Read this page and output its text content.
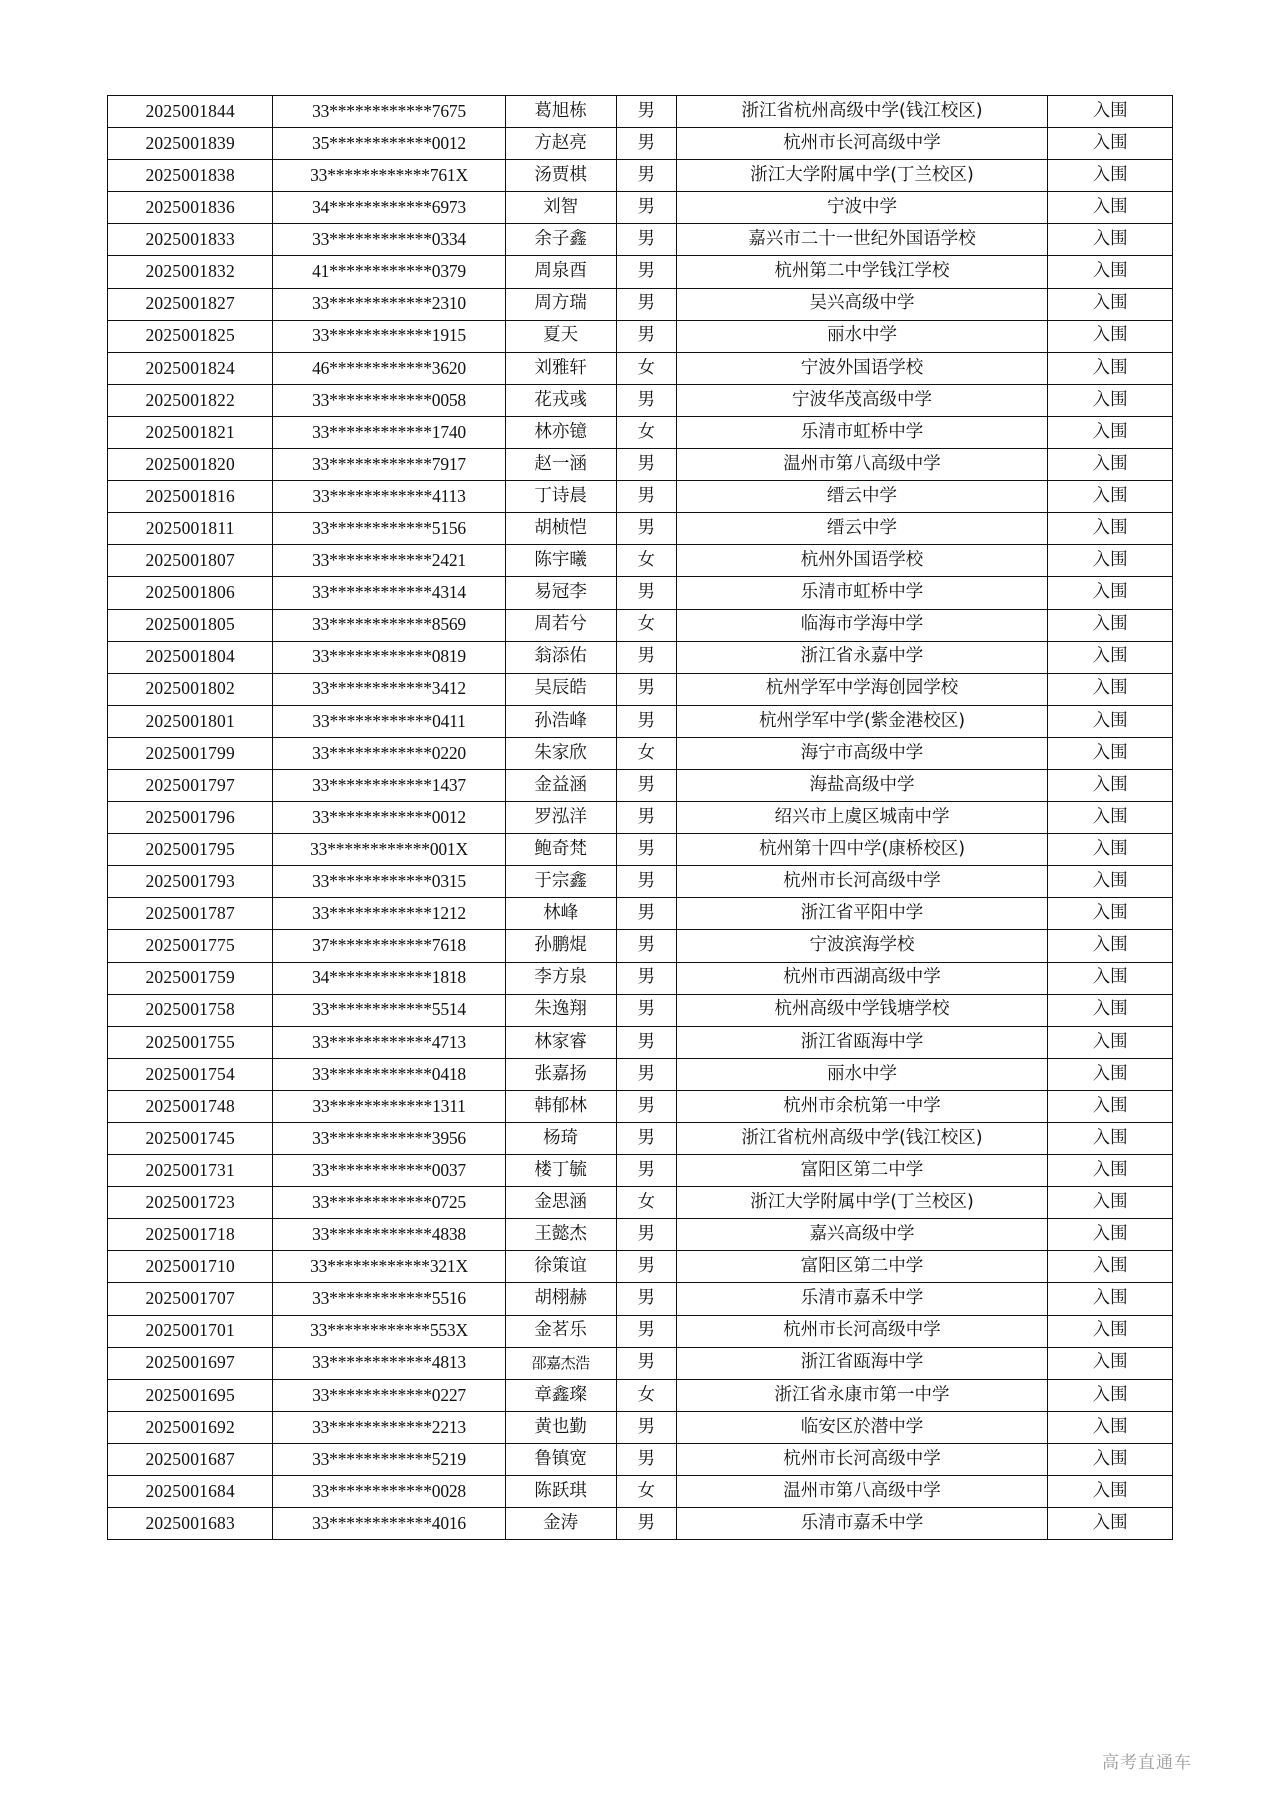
2025001844	33************7675	葛旭栋	男	浙江省杭州高级中学(钱江校区)	入围
2025001839	35************0012	方赵亮	男	杭州市长河高级中学	入围
2025001838	33************761X	汤贾棋	男	浙江大学附属中学(丁兰校区)	入围
2025001836	34************6973	刘智	男	宁波中学	入围
2025001833	33************0334	余子鑫	男	嘉兴市二十一世纪外国语学校	入围
2025001832	41************0379	周泉酉	男	杭州第二中学钱江学校	入围
2025001827	33************2310	周方瑞	男	吴兴高级中学	入围
2025001825	33************1915	夏天	男	丽水中学	入围
2025001824	46************3620	刘雅轩	女	宁波外国语学校	入围
2025001822	33************0058	花戎彧	男	宁波华茂高级中学	入围
2025001821	33************1740	林亦镱	女	乐清市虹桥中学	入围
2025001820	33************7917	赵一涵	男	温州市第八高级中学	入围
2025001816	33************4113	丁诗晨	男	缙云中学	入围
2025001811	33************5156	胡桢恺	男	缙云中学	入围
2025001807	33************2421	陈宇曦	女	杭州外国语学校	入围
2025001806	33************4314	易冠李	男	乐清市虹桥中学	入围
2025001805	33************8569	周若兮	女	临海市学海中学	入围
2025001804	33************0819	翁添佑	男	浙江省永嘉中学	入围
2025001802	33************3412	吴辰皓	男	杭州学军中学海创园学校	入围
2025001801	33************0411	孙浩峰	男	杭州学军中学(紫金港校区)	入围
2025001799	33************0220	朱家欣	女	海宁市高级中学	入围
2025001797	33************1437	金益涵	男	海盐高级中学	入围
2025001796	33************0012	罗泓洋	男	绍兴市上虞区城南中学	入围
2025001795	33************001X	鲍奇梵	男	杭州第十四中学(康桥校区)	入围
2025001793	33************0315	于宗鑫	男	杭州市长河高级中学	入围
2025001787	33************1212	林峰	男	浙江省平阳中学	入围
2025001775	37************7618	孙鹏焜	男	宁波滨海学校	入围
2025001759	34************1818	李方泉	男	杭州市西湖高级中学	入围
2025001758	33************5514	朱逸翔	男	杭州高级中学钱塘学校	入围
2025001755	33************4713	林家睿	男	浙江省瓯海中学	入围
2025001754	33************0418	张嘉扬	男	丽水中学	入围
2025001748	33************1311	韩郁林	男	杭州市余杭第一中学	入围
2025001745	33************3956	杨琦	男	浙江省杭州高级中学(钱江校区)	入围
2025001731	33************0037	楼丁毓	男	富阳区第二中学	入围
2025001723	33************0725	金思涵	女	浙江大学附属中学(丁兰校区)	入围
2025001718	33************4838	王懿杰	男	嘉兴高级中学	入围
2025001710	33************321X	徐策谊	男	富阳区第二中学	入围
2025001707	33************5516	胡栩赫	男	乐清市嘉禾中学	入围
2025001701	33************553X	金茗乐	男	杭州市长河高级中学	入围
2025001697	33************4813	邵嘉杰浩	男	浙江省瓯海中学	入围
2025001695	33************0227	章鑫璨	女	浙江省永康市第一中学	入围
2025001692	33************2213	黄也勤	男	临安区於潜中学	入围
2025001687	33************5219	鲁镇宽	男	杭州市长河高级中学	入围
2025001684	33************0028	陈跃琪	女	温州市第八高级中学	入围
2025001683	33************4016	金涛	男	乐清市嘉禾中学	入围
高考直通车
